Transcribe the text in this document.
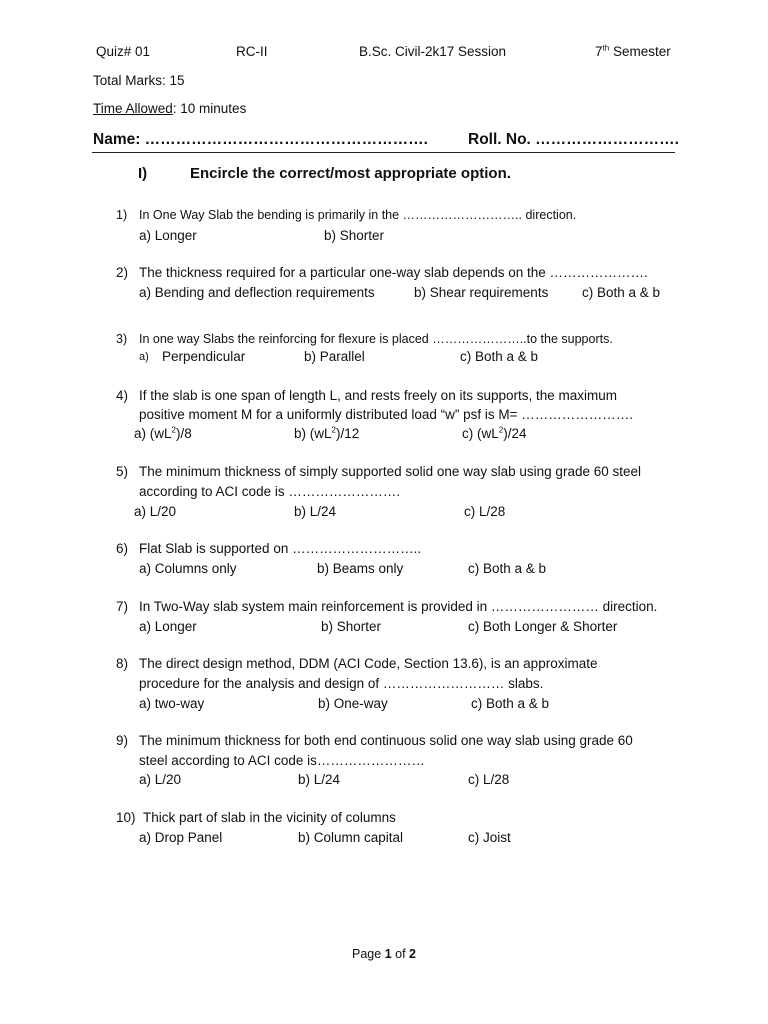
Quiz# 01	RC-II	B.Sc. Civil-2k17 Session	7th Semester
Total Marks: 15
Time Allowed: 10 minutes
Name: ……………………………………………….	Roll. No. ……………………….
I)	Encircle the correct/most appropriate option.
1) In One Way Slab the bending is primarily in the ……………………….. direction.
a) Longer	b) Shorter
2) The thickness required for a particular one-way slab depends on the ………………….
a) Bending and deflection requirements	b) Shear requirements c) Both a & b
3) In one way Slabs the reinforcing for flexure is placed …………………..to the supports.
a) Perpendicular	b) Parallel	c) Both a & b
4) If the slab is one span of length L, and rests freely on its supports, the maximum
positive moment M for a uniformly distributed load “w” psf is M= …………………….
a) $(wL^2)/8$	b) $(wL^2)/12$	c) $(wL^2)/24$
5) The minimum thickness of simply supported solid one way slab using grade 60 steel
according to ACI code is …………………….
a) L/20	b) L/24	c) L/28
6) Flat Slab is supported on ………………………..
a) Columns only	b) Beams only	c) Both a & b
7) In Two-Way slab system main reinforcement is provided in …………………… direction.
a) Longer	b) Shorter	c) Both Longer & Shorter
8) The direct design method, DDM (ACI Code, Section 13.6), is an approximate
procedure for the analysis and design of ……………………… slabs.
a) two-way	b) One-way	c) Both a & b
9) The minimum thickness for both end continuous solid one way slab using grade 60
steel according to ACI code is……………………
a) L/20	b) L/24	c) L/28
10) Thick part of slab in the vicinity of columns
a) Drop Panel	b) Column capital	c) Joist
Page 1 of 2
